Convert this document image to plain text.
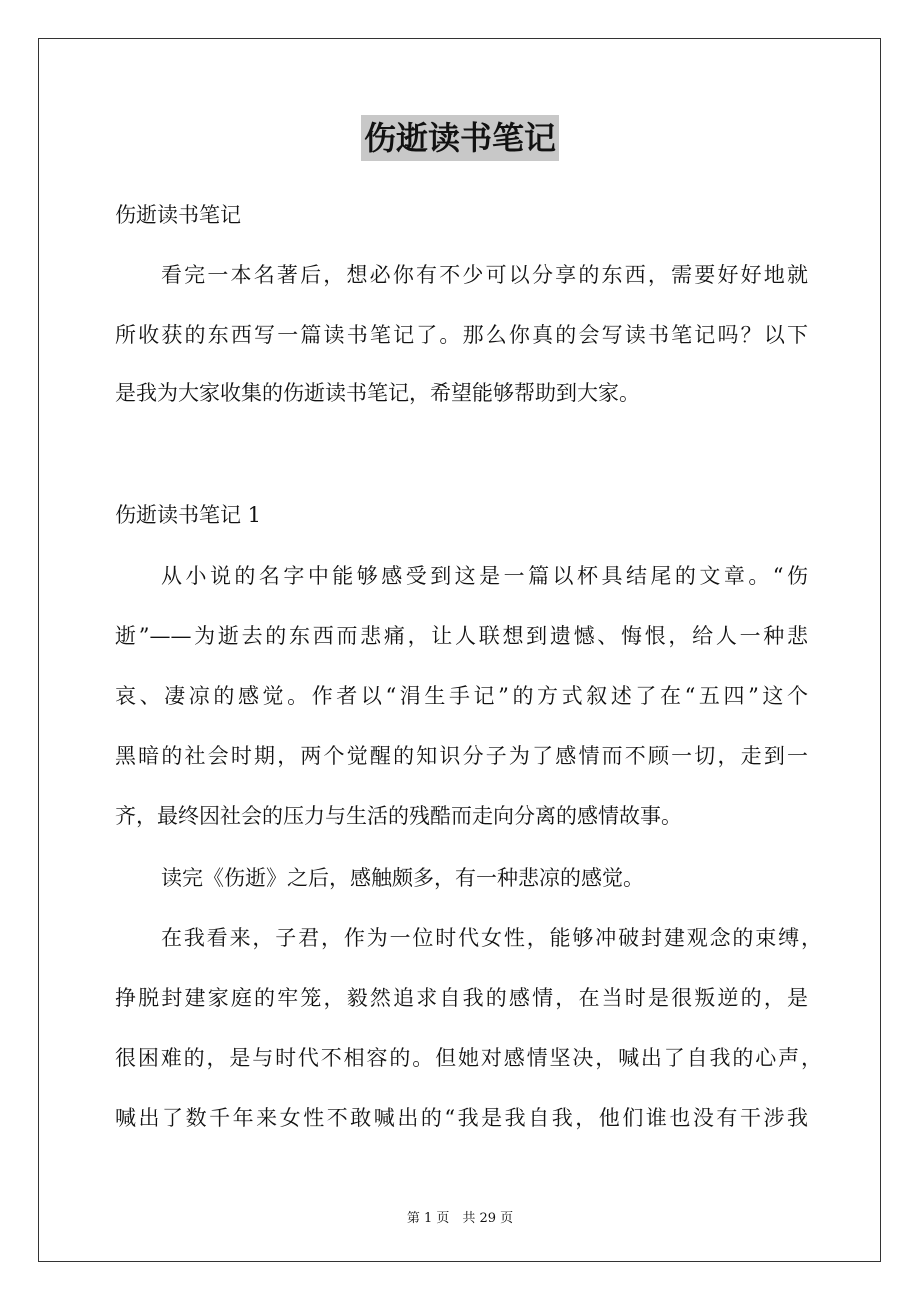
伤逝读书笔记
伤逝读书笔记
看完一本名著后，想必你有不少可以分享的东西，需要好好地就
所收获的东西写一篇读书笔记了。那么你真的会写读书笔记吗？以下
是我为大家收集的伤逝读书笔记，希望能够帮助到大家。
伤逝读书笔记 1
从小说的名字中能够感受到这是一篇以杯具结尾的文章。“伤
逝”——为逝去的东西而悲痛，让人联想到遗憾、悔恨，给人一种悲
哀、凄凉的感觉。作者以“涓生手记”的方式叙述了在“五四”这个
黑暗的社会时期，两个觉醒的知识分子为了感情而不顾一切，走到一
齐，最终因社会的压力与生活的残酷而走向分离的感情故事。
读完《伤逝》之后，感触颇多，有一种悲凉的感觉。
在我看来，子君，作为一位时代女性，能够冲破封建观念的束缚，
挣脱封建家庭的牢笼，毅然追求自我的感情，在当时是很叛逆的，是
很困难的，是与时代不相容的。但她对感情坚决，喊出了自我的心声，
喊出了数千年来女性不敢喊出的“我是我自我，他们谁也没有干涉我
第 1 页　共 29 页
